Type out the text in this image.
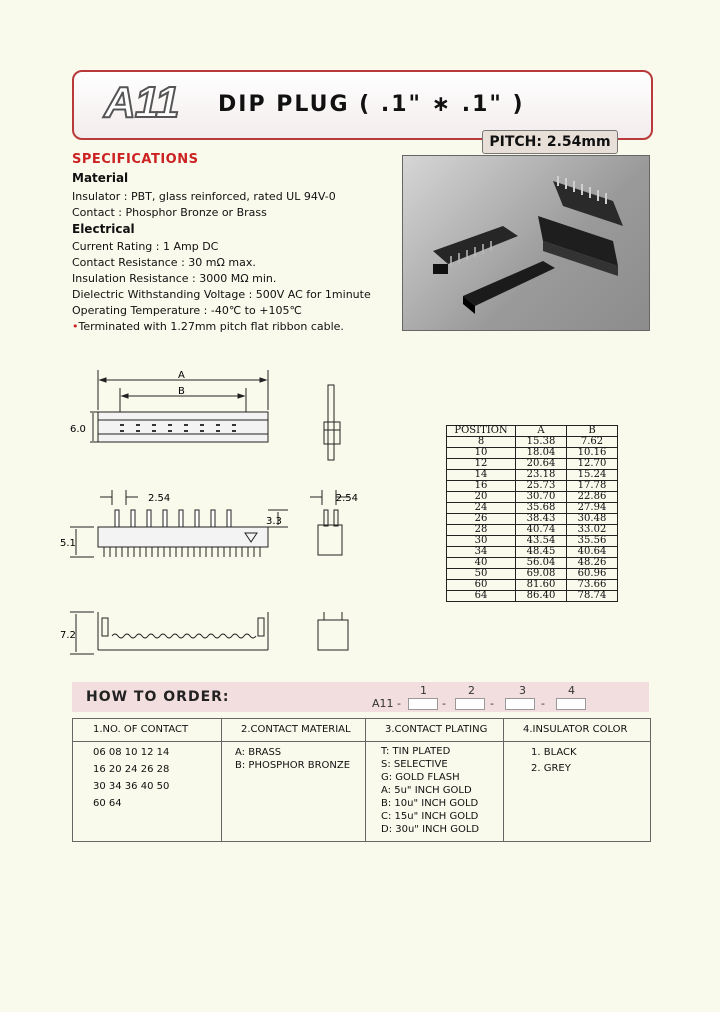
A11 DIP PLUG ( .1" ∗ .1" )
PITCH: 2.54mm
SPECIFICATIONS
Material
Insulator : PBT, glass reinforced, rated UL 94V-0
Contact : Phosphor Bronze or Brass
Electrical
Current Rating : 1 Amp DC
Contact Resistance : 30 mΩ max.
Insulation Resistance : 3000 MΩ min.
Dielectric Withstanding Voltage : 500V AC for 1minute
Operating Temperature : -40℃ to +105℃
•Terminated with 1.27mm pitch flat ribbon cable.
A
B
6.0
2.54
3.3
5.1
2.54
7.2
POSITION	A	B
8	15.38	7.62
10	18.04	10.16
12	20.64	12.70
14	23.18	15.24
16	25.73	17.78
20	30.70	22.86
24	35.68	27.94
26	38.43	30.48
28	40.74	33.02
30	43.54	35.56
34	48.45	40.64
40	56.04	48.26
50	69.08	60.96
60	81.60	73.66
64	86.40	78.74
HOW TO ORDER:	A11 -
1
-
2
-
3
-
4
1.NO. OF CONTACT
06 08 10 12 14
16 20 24 26 28
30 34 36 40 50
60 64
2.CONTACT MATERIAL
A: BRASS
B: PHOSPHOR BRONZE
3.CONTACT PLATING
T: TIN PLATED
S: SELECTIVE
G: GOLD FLASH
A: 5u" INCH GOLD
B: 10u" INCH GOLD
C: 15u" INCH GOLD
D: 30u" INCH GOLD
4.INSULATOR COLOR
1. BLACK
2. GREY
